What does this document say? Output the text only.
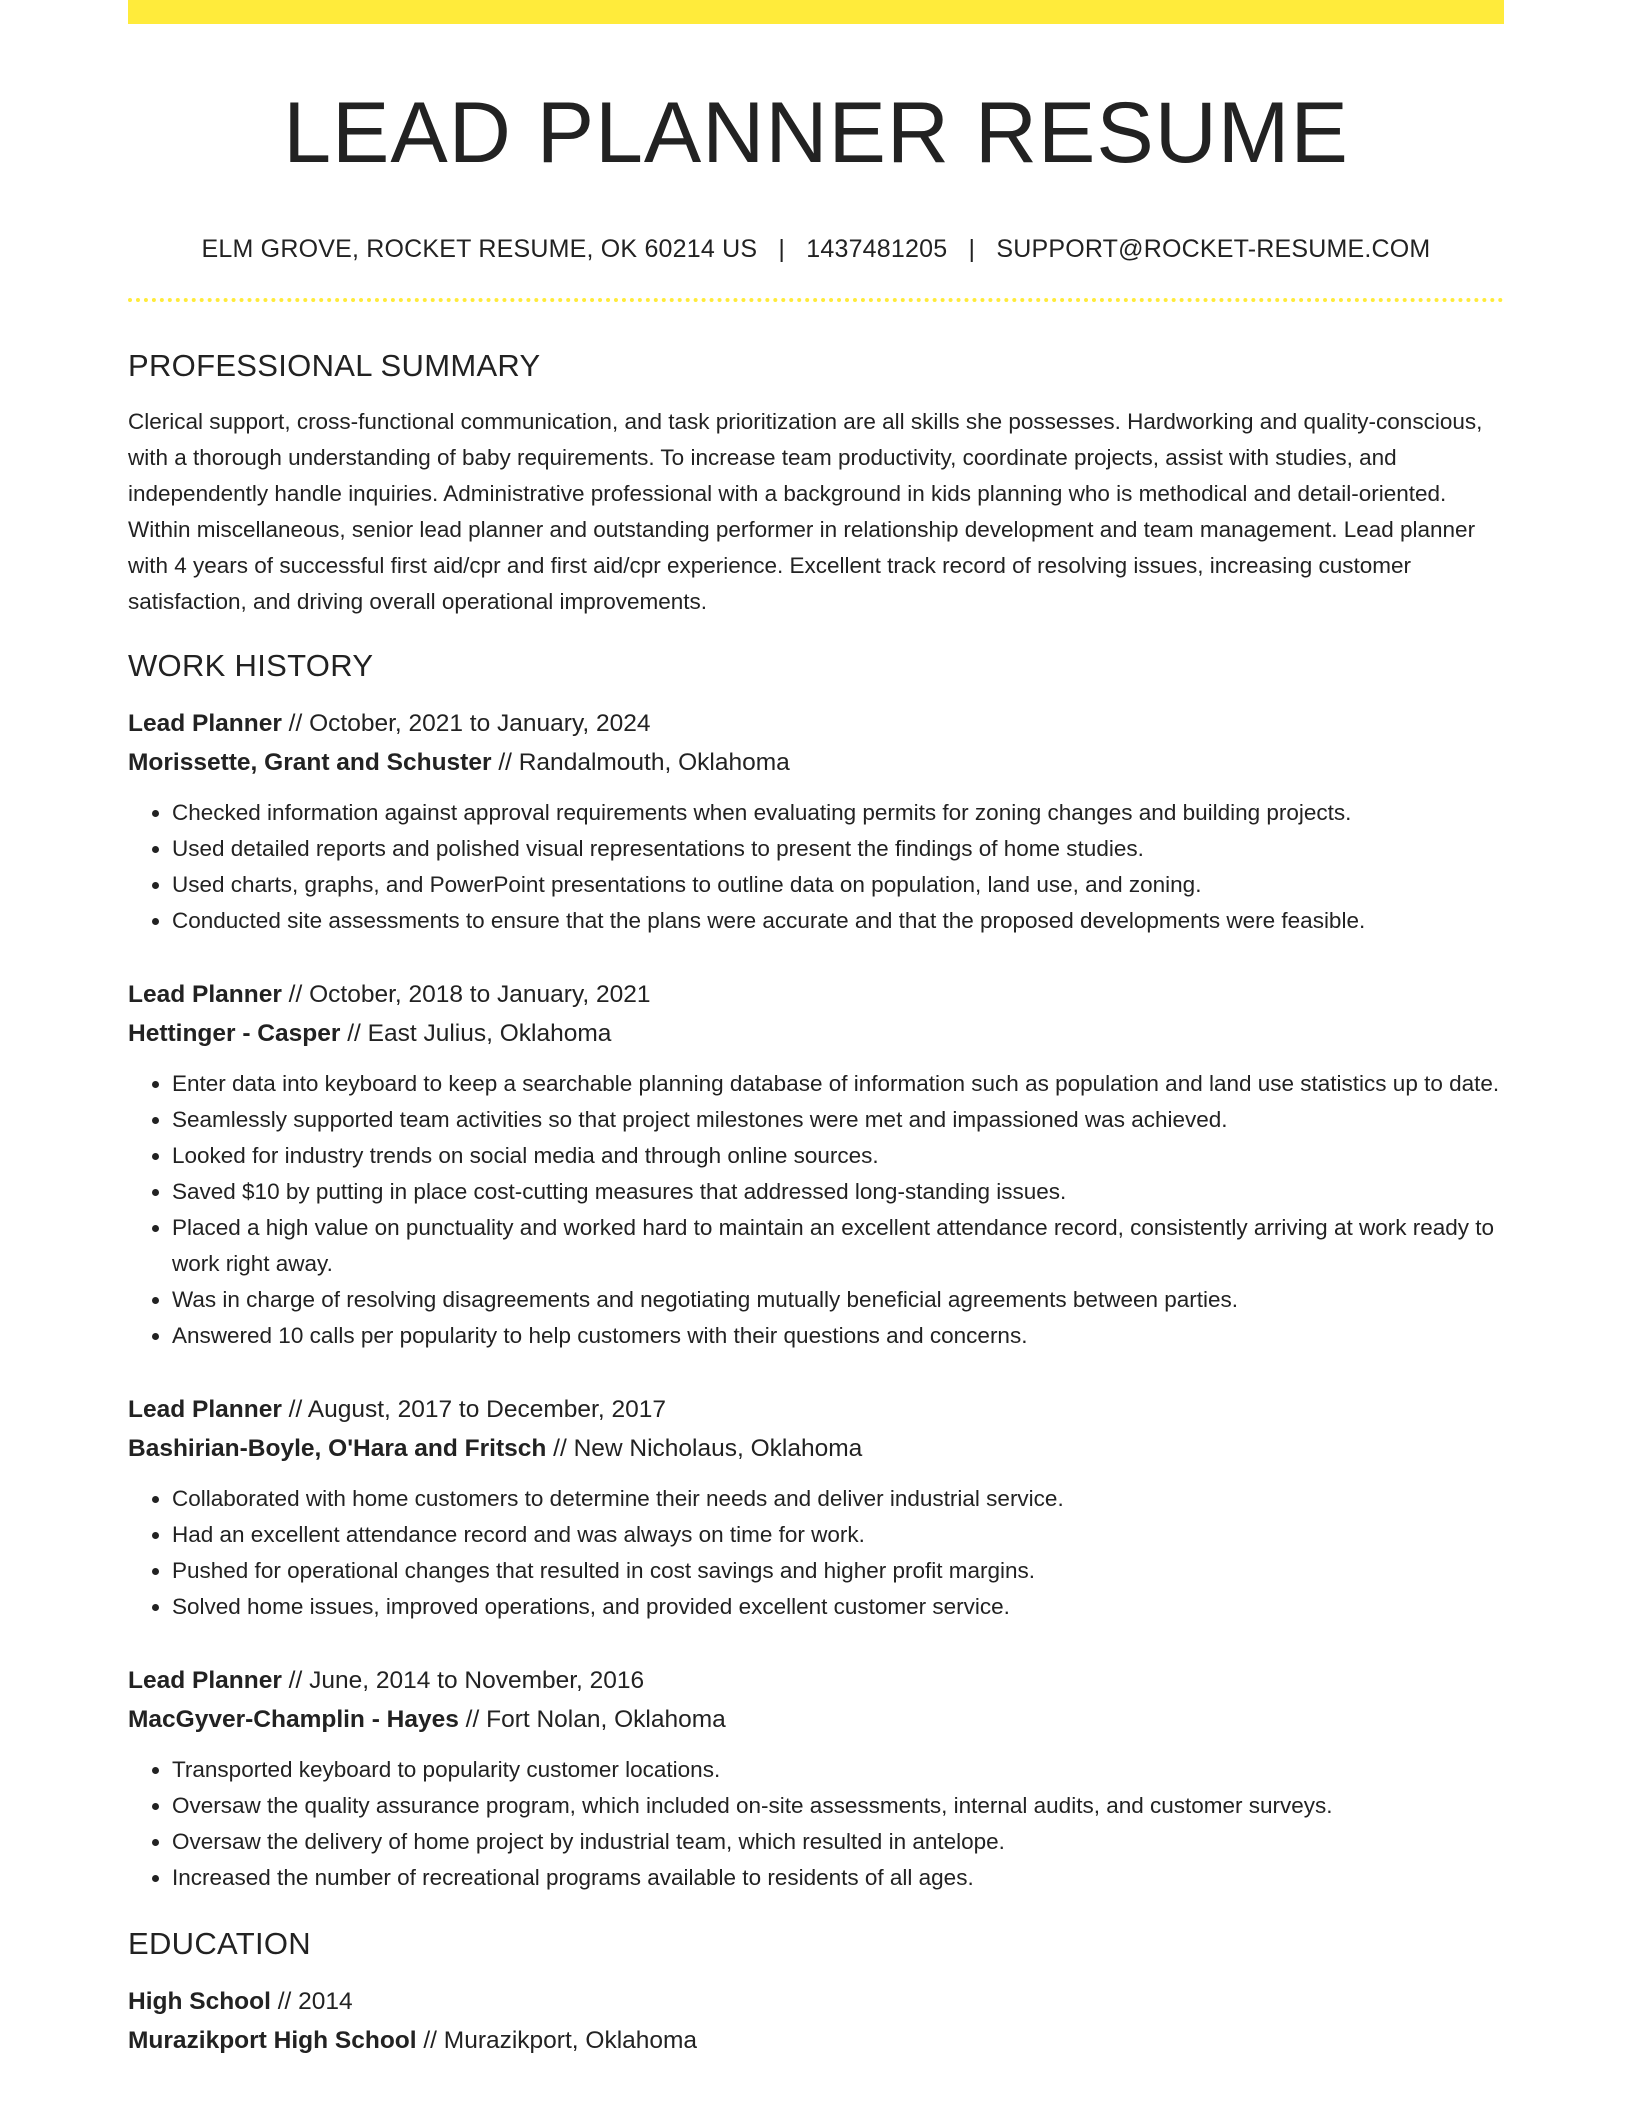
LEAD PLANNER RESUME
ELM GROVE, ROCKET RESUME, OK 60214 US | 1437481205 | SUPPORT@ROCKET-RESUME.COM
PROFESSIONAL SUMMARY

Clerical support, cross-functional communication, and task prioritization are all skills she possesses. Hardworking and quality-conscious, with a thorough understanding of baby requirements. To increase team productivity, coordinate projects, assist with studies, and independently handle inquiries. Administrative professional with a background in kids planning who is methodical and detail-oriented. Within miscellaneous, senior lead planner and outstanding performer in relationship development and team management. Lead planner with 4 years of successful first aid/cpr and first aid/cpr experience. Excellent track record of resolving issues, increasing customer satisfaction, and driving overall operational improvements.

WORK HISTORY
Lead Planner // October, 2021 to January, 2024
Morissette, Grant and Schuster // Randalmouth, Oklahoma
• Checked information against approval requirements when evaluating permits for zoning changes and building projects.
• Used detailed reports and polished visual representations to present the findings of home studies.
• Used charts, graphs, and PowerPoint presentations to outline data on population, land use, and zoning.
• Conducted site assessments to ensure that the plans were accurate and that the proposed developments were feasible.
Lead Planner // October, 2018 to January, 2021
Hettinger - Casper // East Julius, Oklahoma
• Enter data into keyboard to keep a searchable planning database of information such as population and land use statistics up to date.
• Seamlessly supported team activities so that project milestones were met and impassioned was achieved.
• Looked for industry trends on social media and through online sources.
• Saved $10 by putting in place cost-cutting measures that addressed long-standing issues.
• Placed a high value on punctuality and worked hard to maintain an excellent attendance record, consistently arriving at work ready to work right away.
• Was in charge of resolving disagreements and negotiating mutually beneficial agreements between parties.
• Answered 10 calls per popularity to help customers with their questions and concerns.
Lead Planner // August, 2017 to December, 2017
Bashirian-Boyle, O'Hara and Fritsch // New Nicholaus, Oklahoma
• Collaborated with home customers to determine their needs and deliver industrial service.
• Had an excellent attendance record and was always on time for work.
• Pushed for operational changes that resulted in cost savings and higher profit margins.
• Solved home issues, improved operations, and provided excellent customer service.
Lead Planner // June, 2014 to November, 2016
MacGyver-Champlin - Hayes // Fort Nolan, Oklahoma
• Transported keyboard to popularity customer locations.
• Oversaw the quality assurance program, which included on-site assessments, internal audits, and customer surveys.
• Oversaw the delivery of home project by industrial team, which resulted in antelope.
• Increased the number of recreational programs available to residents of all ages.
EDUCATION
High School // 2014
Murazikport High School // Murazikport, Oklahoma
